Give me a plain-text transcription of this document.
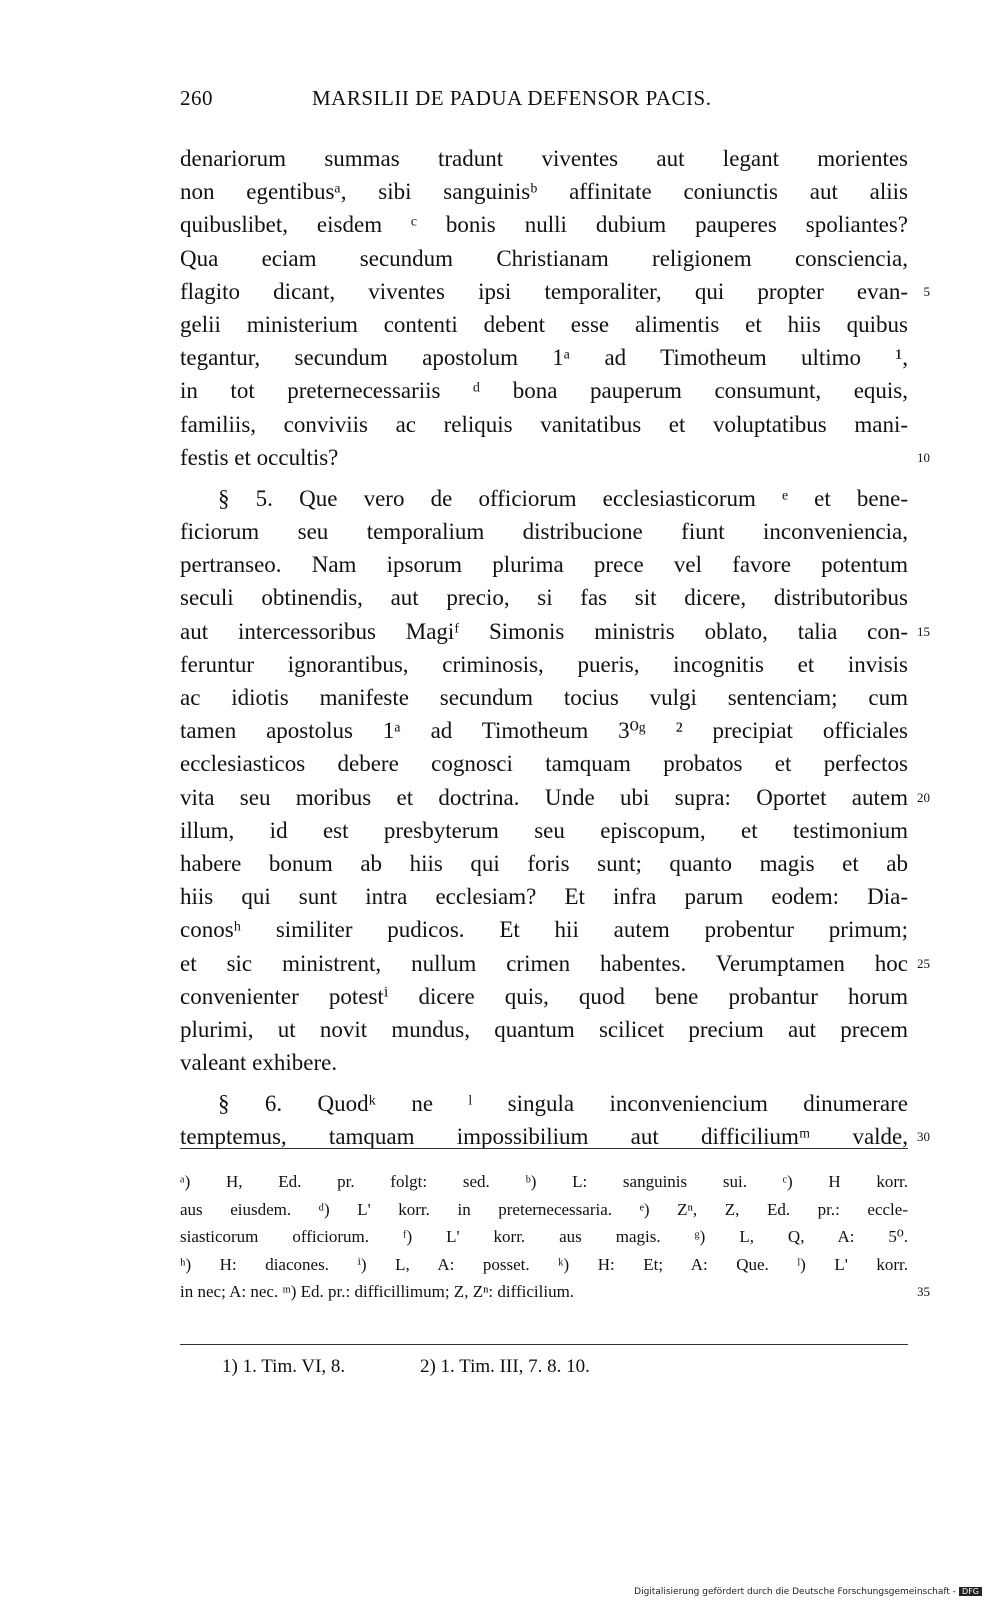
260	MARSILII DE PADUA DEFENSOR PACIS.
denariorum summas tradunt viventes aut legant morientes
non egentibusᵃ, sibi sanguinisᵇ affinitate coniunctis aut aliis
quibuslibet, eisdem ᶜ bonis nulli dubium pauperes spoliantes?
Qua eciam secundum Christianam religionem consciencia,
flagito dicant, viventes ipsi temporaliter, qui propter evan- 5
gelii ministerium contenti debent esse alimentis et hiis quibus
tegantur, secundum apostolum 1ᵃ ad Timotheum ultimo ¹,
in tot preternecessariis ᵈ bona pauperum consumunt, equis,
familiis, conviviis ac reliquis vanitatibus et voluptatibus mani-
festis et occultis?	10
§ 5. Que vero de officiorum ecclesiasticorum ᵉ et bene-
ficiorum seu temporalium distribucione fiunt inconveniencia,
pertranseo. Nam ipsorum plurima prece vel favore potentum
seculi obtinendis, aut precio, si fas sit dicere, distributoribus
aut intercessoribus Magiᶠ Simonis ministris oblato, talia con- 15
feruntur ignorantibus, criminosis, pueris, incognitis et invisis
ac idiotis manifeste secundum tocius vulgi sentenciam; cum
tamen apostolus 1ᵃ ad Timotheum 3⁰ᵍ ² precipiat officiales
ecclesiasticos debere cognosci tamquam probatos et perfectos
vita seu moribus et doctrina. Unde ubi supra: Oportet autem 20
illum, id est presbyterum seu episcopum, et testimonium
habere bonum ab hiis qui foris sunt; quanto magis et ab
hiis qui sunt intra ecclesiam? Et infra parum eodem: Dia-
conosʰ similiter pudicos. Et hii autem probentur primum;
et sic ministrent, nullum crimen habentes. Verumptamen hoc 25
convenienter potestⁱ dicere quis, quod bene probantur horum
plurimi, ut novit mundus, quantum scilicet precium aut precem
valeant exhibere.
§ 6. Quodᵏ ne ˡ singula inconveniencium dinumerare
temptemus, tamquam impossibilium aut difficiliumᵐ valde, 30
ᵃ) H, Ed. pr. folgt: sed. ᵇ) L: sanguinis sui. ᶜ) H korr.
aus eiusdem. ᵈ) L' korr. in preternecessaria. ᵉ) Zⁿ, Z, Ed. pr.: eccle-
siasticorum officiorum. ᶠ) L' korr. aus magis. ᵍ) L, Q, A: 5⁰.
ʰ) H: diacones. ⁱ) L, A: posset. ᵏ) H: Et; A: Que. ˡ) L' korr.
in nec; A: nec. ᵐ) Ed. pr.: difficillimum; Z, Zⁿ: difficilium.	35
1) 1. Tim. VI, 8.	2) 1. Tim. III, 7. 8. 10.
Digitalisierung gefördert durch die Deutsche Forschungsgemeinschaft - DFG
